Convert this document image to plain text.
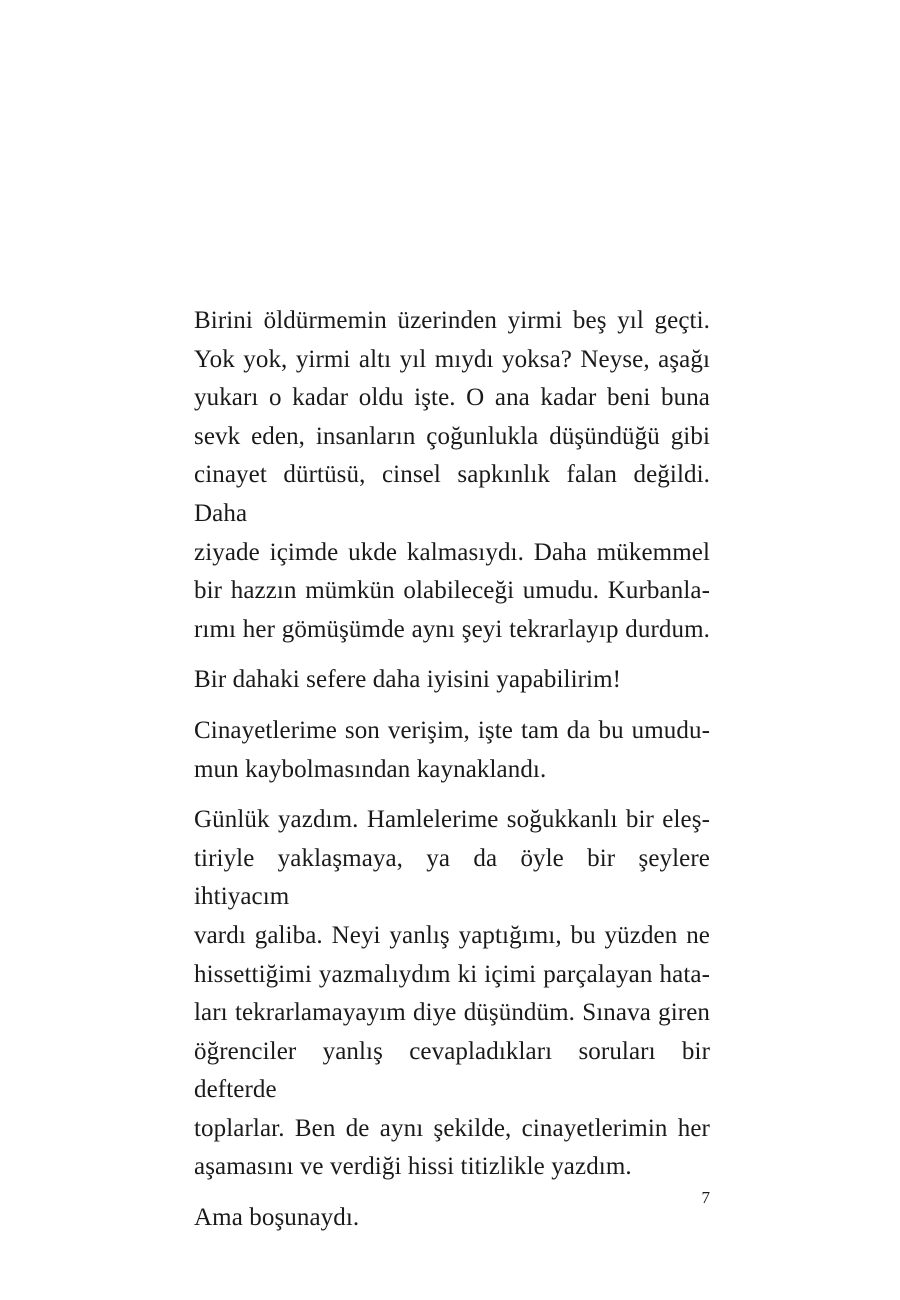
Birini öldürmemin üzerinden yirmi beş yıl geçti.
Yok yok, yirmi altı yıl mıydı yoksa? Neyse, aşağı
yukarı o kadar oldu işte. O ana kadar beni buna
sevk eden, insanların çoğunlukla düşündüğü gibi
cinayet dürtüsü, cinsel sapkınlık falan değildi. Daha
ziyade içimde ukde kalmasıydı. Daha mükemmel
bir hazzın mümkün olabileceği umudu. Kurbanla-
rımı her gömüşümde aynı şeyi tekrarlayıp durdum.
Bir dahaki sefere daha iyisini yapabilirim!
Cinayetlerime son verişim, işte tam da bu umudu-
mun kaybolmasından kaynaklandı.
Günlük yazdım. Hamlelerime soğukkanlı bir eleş-
tiriyle yaklaşmaya, ya da öyle bir şeylere ihtiyacım
vardı galiba. Neyi yanlış yaptığımı, bu yüzden ne
hissettiğimi yazmalıydım ki içimi parçalayan hata-
ları tekrarlamayayım diye düşündüm. Sınava giren
öğrenciler yanlış cevapladıkları soruları bir defterde
toplarlar. Ben de aynı şekilde, cinayetlerimin her
aşamasını ve verdiği hissi titizlikle yazdım.
Ama boşunaydı.
7
